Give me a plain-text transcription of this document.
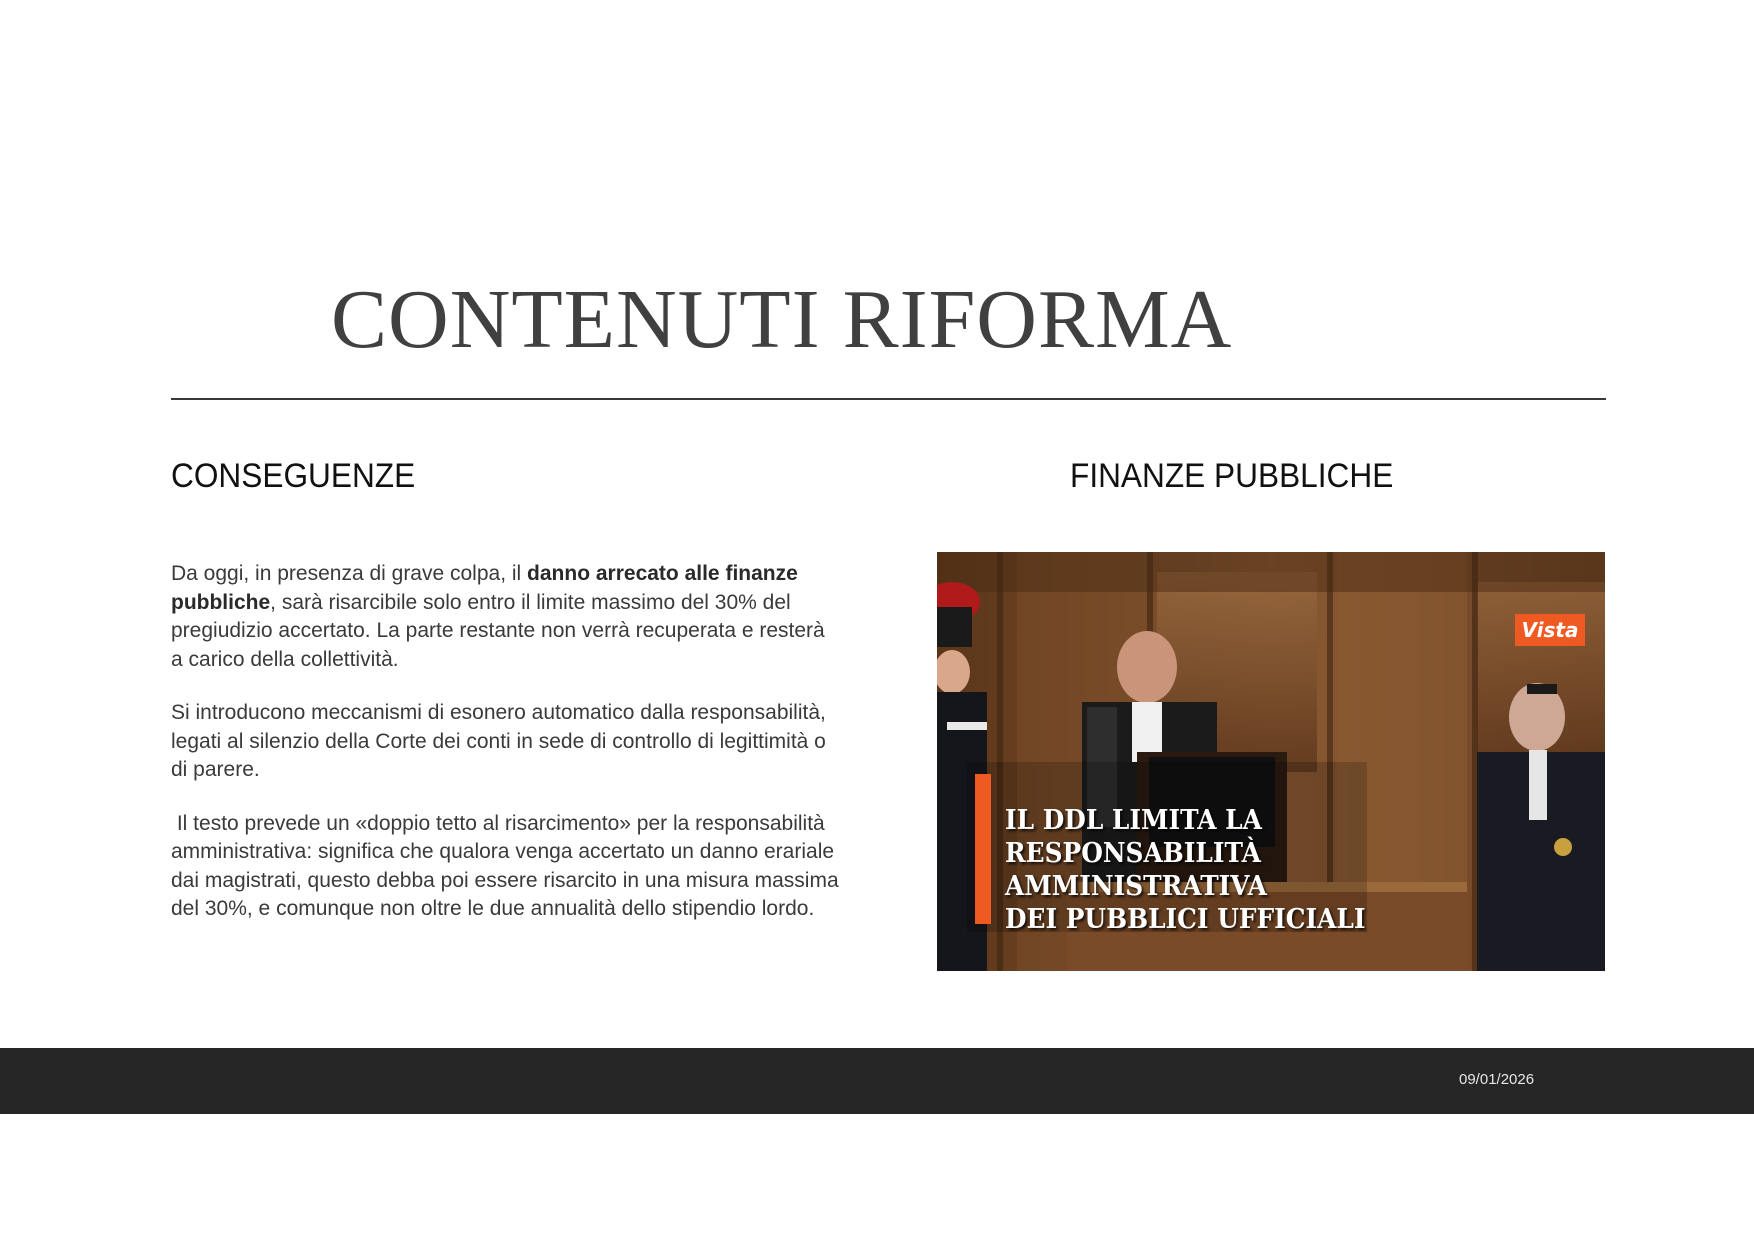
CONTENUTI RIFORMA
CONSEGUENZE	FINANZE PUBBLICHE

Da oggi, in presenza di grave colpa, il danno arrecato alle finanze pubbliche, sarà risarcibile solo entro il limite massimo del 30% del pregiudizio accertato. La parte restante non verrà recuperata e resterà a carico della collettività.

Si introducono meccanismi di esonero automatico dalla responsabilità, legati al silenzio della Corte dei conti in sede di controllo di legittimità o di parere.

Il testo prevede un «doppio tetto al risarcimento» per la responsabilità amministrativa: significa che qualora venga accertato un danno erariale dai magistrati, questo debba poi essere risarcito in una misura massima del 30%, e comunque non oltre le due annualità dello stipendio lordo.

IL DDL LIMITA LA
RESPONSABILITÀ
AMMINISTRATIVA
DEI PUBBLICI UFFICIALI
Vista
09/01/2026
